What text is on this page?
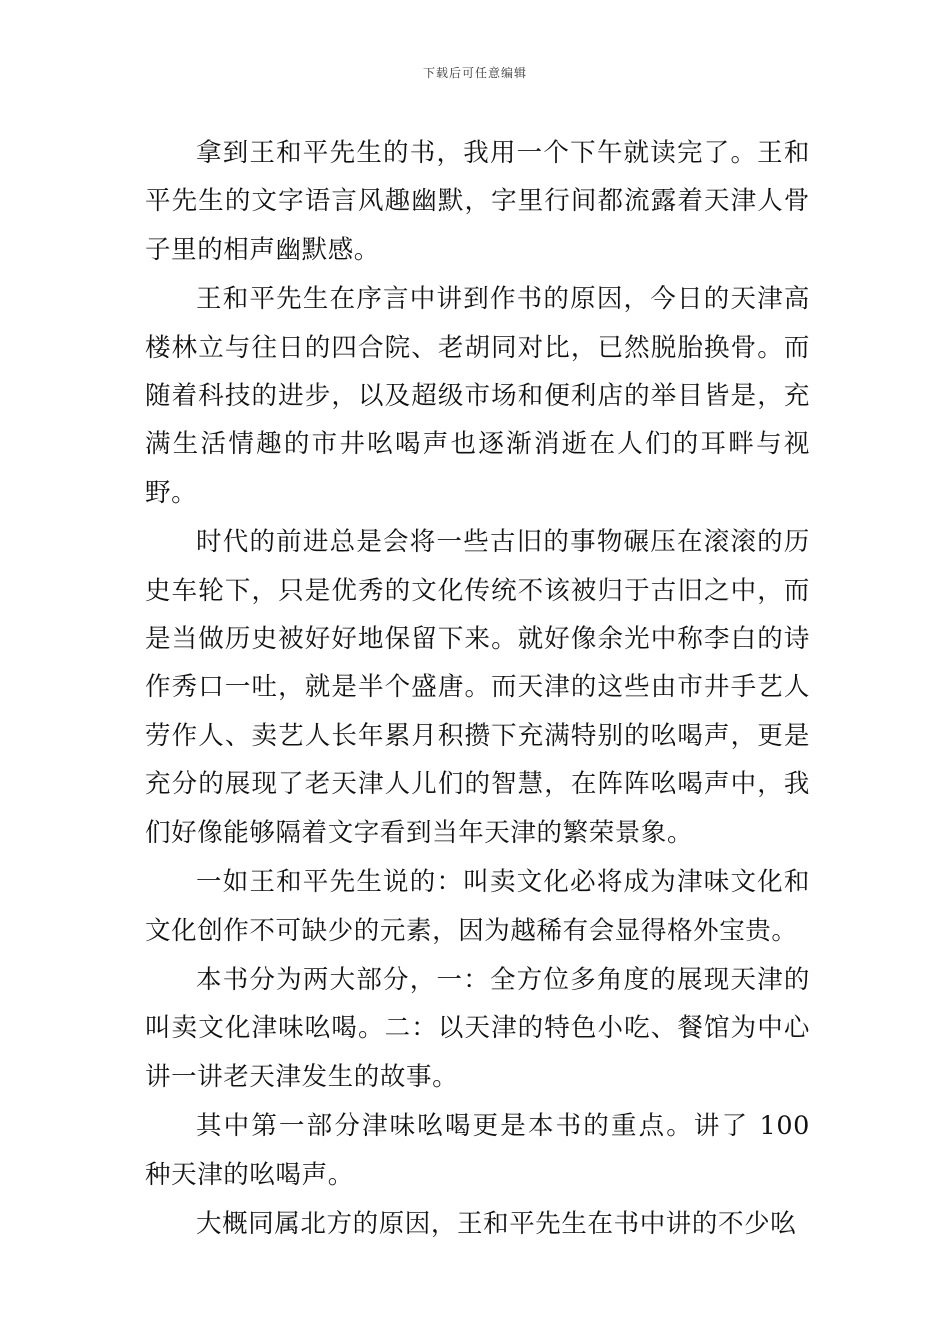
下载后可任意编辑

拿到王和平先生的书，我用一个下午就读完了。王和平先生的文字语言风趣幽默，字里行间都流露着天津人骨子里的相声幽默感。

王和平先生在序言中讲到作书的原因，今日的天津高楼林立与往日的四合院、老胡同对比，已然脱胎换骨。而随着科技的进步，以及超级市场和便利店的举目皆是，充满生活情趣的市井吆喝声也逐渐消逝在人们的耳畔与视野。

时代的前进总是会将一些古旧的事物碾压在滚滚的历史车轮下，只是优秀的文化传统不该被归于古旧之中，而是当做历史被好好地保留下来。就好像余光中称李白的诗作秀口一吐，就是半个盛唐。而天津的这些由市井手艺人劳作人、卖艺人长年累月积攒下充满特别的吆喝声，更是充分的展现了老天津人儿们的智慧，在阵阵吆喝声中，我们好像能够隔着文字看到当年天津的繁荣景象。

一如王和平先生说的：叫卖文化必将成为津味文化和文化创作不可缺少的元素，因为越稀有会显得格外宝贵。

本书分为两大部分，一：全方位多角度的展现天津的叫卖文化津味吆喝。二：以天津的特色小吃、餐馆为中心讲一讲老天津发生的故事。

其中第一部分津味吆喝更是本书的重点。讲了 100 种天津的吆喝声。

大概同属北方的原因，王和平先生在书中讲的不少吆
